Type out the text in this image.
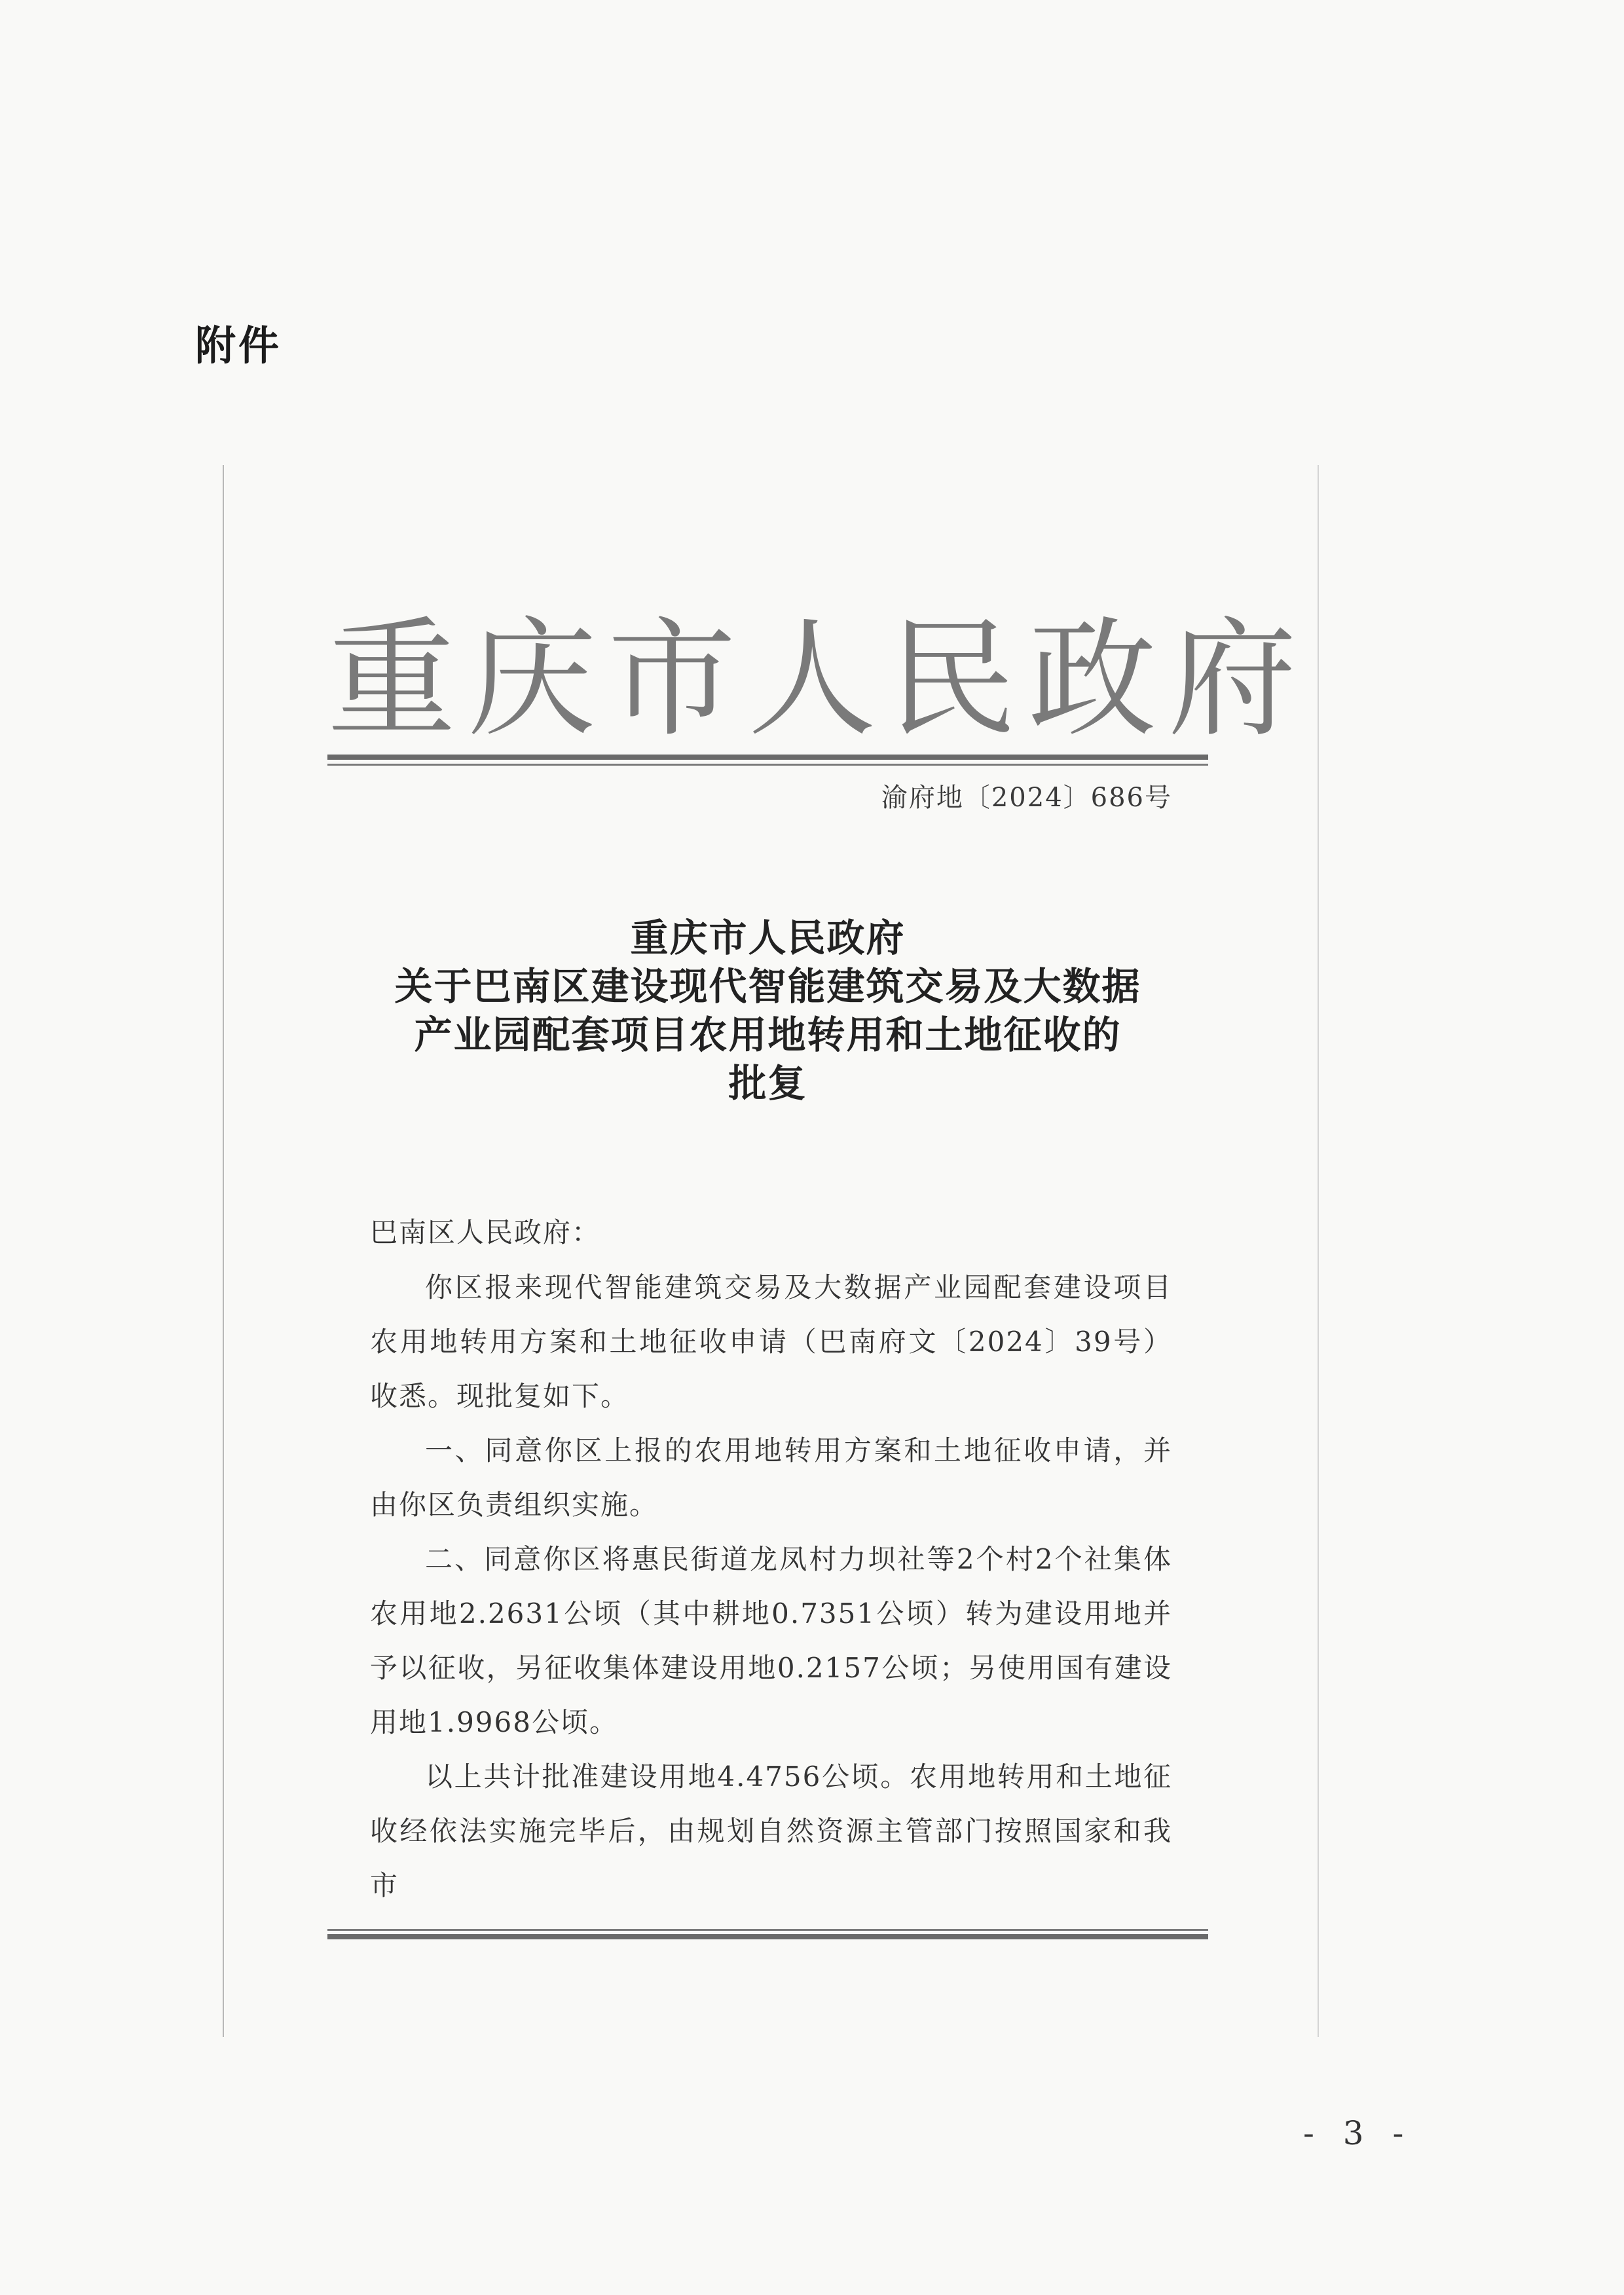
附件
重庆市人民政府
渝府地〔2024〕686号
重庆市人民政府
关于巴南区建设现代智能建筑交易及大数据
产业园配套项目农用地转用和土地征收的
批复

巴南区人民政府：

你区报来现代智能建筑交易及大数据产业园配套建设项目农用地转用方案和土地征收申请（巴南府文〔2024〕39号）收悉。现批复如下。

一、同意你区上报的农用地转用方案和土地征收申请，并由你区负责组织实施。

二、同意你区将惠民街道龙凤村力坝社等2个村2个社集体农用地2.2631公顷（其中耕地0.7351公顷）转为建设用地并予以征收，另征收集体建设用地0.2157公顷；另使用国有建设用地1.9968公顷。

以上共计批准建设用地4.4756公顷。农用地转用和土地征收经依法实施完毕后，由规划自然资源主管部门按照国家和我市

- 3 -
